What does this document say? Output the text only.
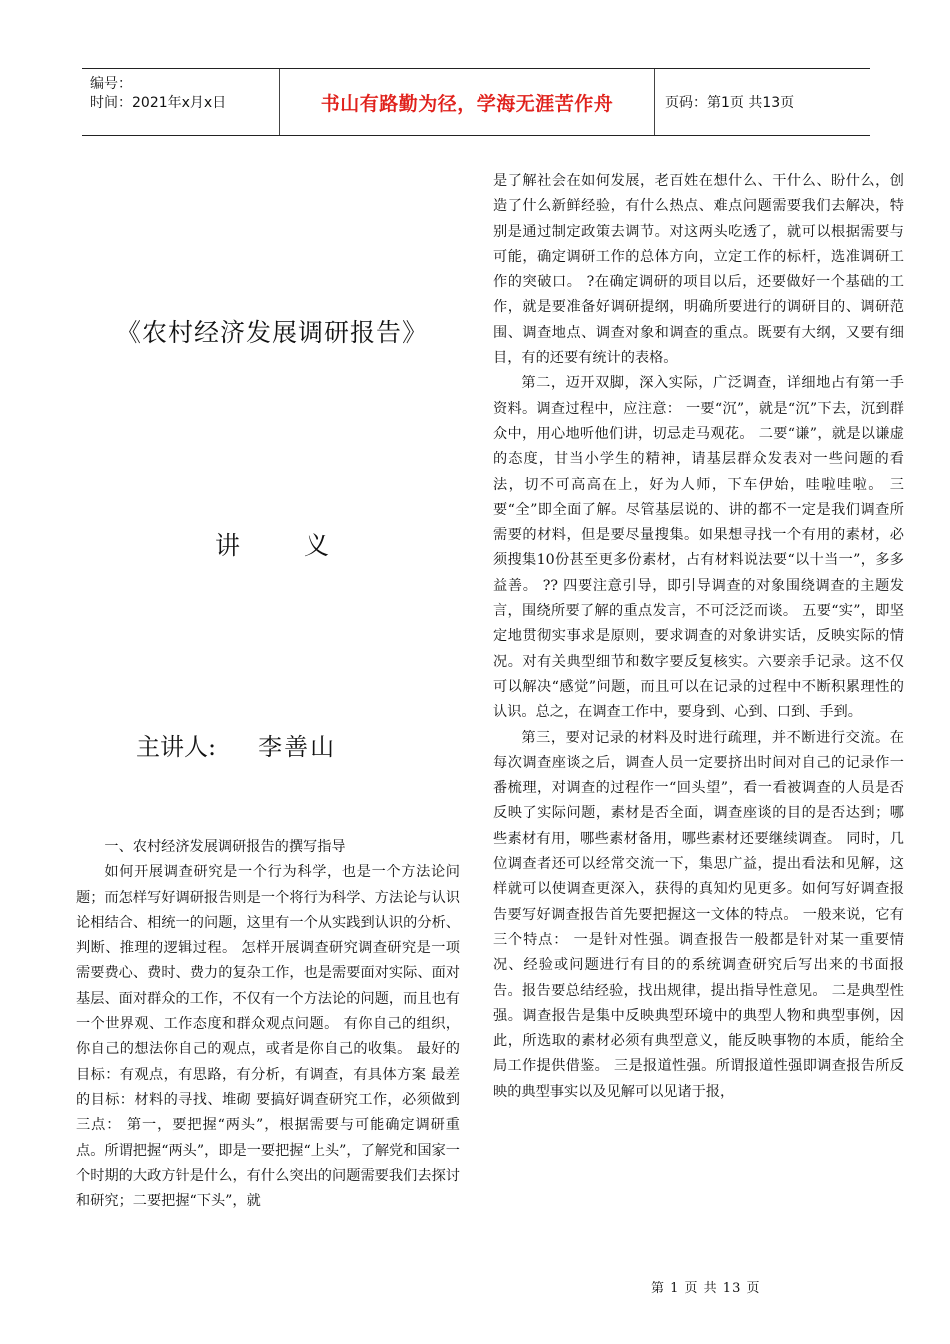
编号：
时间：2021年x月x日	书山有路勤为径，学海无涯苦作舟	页码：第1页 共13页
《农村经济发展调研报告》
讲义
主讲人: 李善山

一、农村经济发展调研报告的撰写指导

如何开展调查研究是一个行为科学，也是一个方法论问题；而怎样写好调研报告则是一个将行为科学、方法论与认识论相结合、相统一的问题，这里有一个从实践到认识的分析、判断、推理的逻辑过程。 怎样开展调查研究调查研究是一项需要费心、费时、费力的复杂工作，也是需要面对实际、面对基层、面对群众的工作，不仅有一个方法论的问题，而且也有一个世界观、工作态度和群众观点问题。 有你自己的组织，你自己的想法你自己的观点，或者是你自己的收集。 最好的目标：有观点，有思路，有分析，有调查，有具体方案 最差的目标：材料的寻找、堆砌 要搞好调查研究工作，必须做到三点： 第一，要把握“两头”，根据需要与可能确定调研重点。所谓把握“两头”，即是一要把握“上头”，了解党和国家一个时期的大政方针是什么，有什么突出的问题需要我们去探讨和研究；二要把握“下头”，就

是了解社会在如何发展，老百姓在想什么、干什么、盼什么，创造了什么新鲜经验，有什么热点、难点问题需要我们去解决，特别是通过制定政策去调节。对这两头吃透了，就可以根据需要与可能，确定调研工作的总体方向，立定工作的标杆，选准调研工作的突破口。 ?在确定调研的项目以后，还要做好一个基础的工作，就是要准备好调研提纲，明确所要进行的调研目的、调研范围、调查地点、调查对象和调查的重点。既要有大纲，又要有细目，有的还要有统计的表格。

第二，迈开双脚，深入实际，广泛调查，详细地占有第一手资料。调查过程中，应注意： 一要“沉”，就是“沉”下去，沉到群众中，用心地听他们讲，切忌走马观花。 二要“谦”，就是以谦虚的态度，甘当小学生的精神，请基层群众发表对一些问题的看法，切不可高高在上，好为人师，下车伊始，哇啦哇啦。 三要“全”即全面了解。尽管基层说的、讲的都不一定是我们调查所需要的材料，但是要尽量搜集。如果想寻找一个有用的素材，必须搜集10份甚至更多份素材，占有材料说法要“以十当一”，多多益善。 ?? 四要注意引导，即引导调查的对象围绕调查的主题发言，围绕所要了解的重点发言，不可泛泛而谈。 五要“实”，即坚定地贯彻实事求是原则，要求调查的对象讲实话，反映实际的情况。对有关典型细节和数字要反复核实。六要亲手记录。这不仅可以解决“感觉”问题，而且可以在记录的过程中不断积累理性的认识。总之，在调查工作中，要身到、心到、口到、手到。

第三，要对记录的材料及时进行疏理，并不断进行交流。在每次调查座谈之后，调查人员一定要挤出时间对自己的记录作一番梳理，对调查的过程作一“回头望”，看一看被调查的人员是否反映了实际问题，素材是否全面，调查座谈的目的是否达到；哪些素材有用，哪些素材备用，哪些素材还要继续调查。 同时，几位调查者还可以经常交流一下，集思广益，提出看法和见解，这样就可以使调查更深入，获得的真知灼见更多。如何写好调查报告要写好调查报告首先要把握这一文体的特点。 一般来说，它有三个特点： 一是针对性强。调查报告一般都是针对某一重要情况、经验或问题进行有目的的系统调查研究后写出来的书面报告。报告要总结经验，找出规律，提出指导性意见。 二是典型性强。调查报告是集中反映典型环境中的典型人物和典型事例，因此，所选取的素材必须有典型意义，能反映事物的本质，能给全局工作提供借鉴。 三是报道性强。所谓报道性强即调查报告所反映的典型事实以及见解可以见诸于报，

第 1 页 共 13 页
